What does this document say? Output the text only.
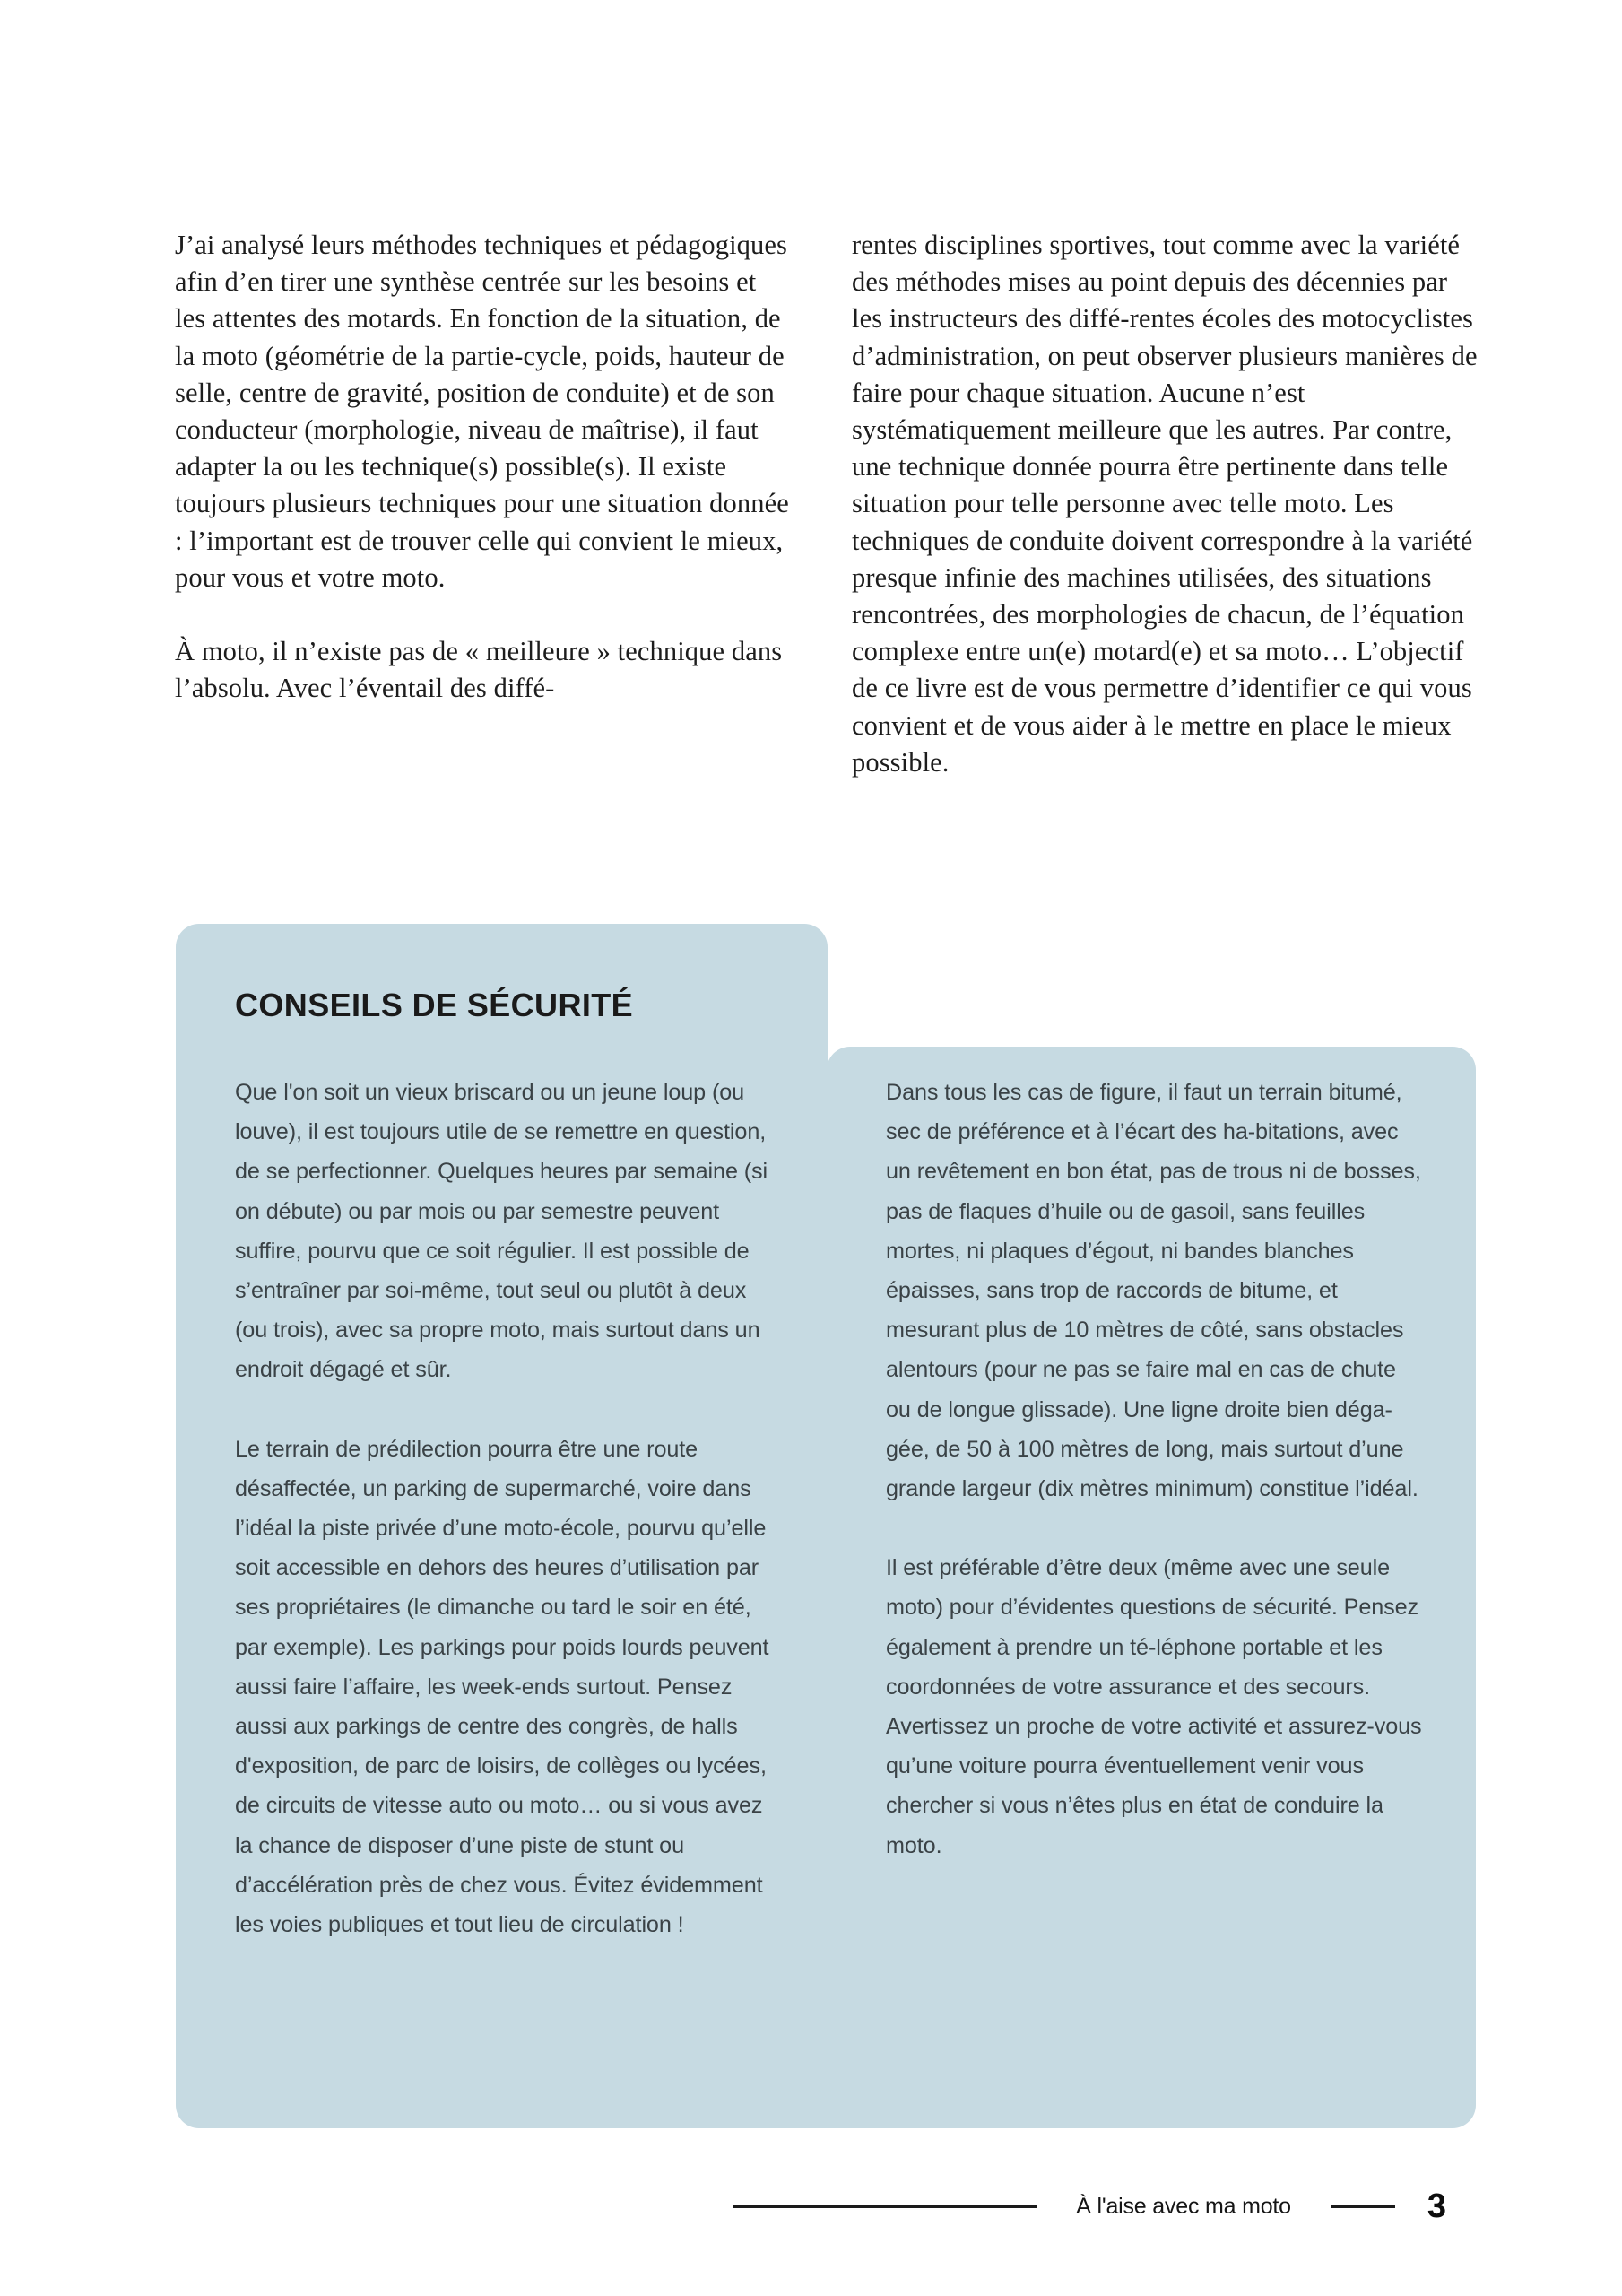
J’ai analysé leurs méthodes techniques et pédagogiques afin d’en tirer une synthèse centrée sur les besoins et les attentes des motards. En fonction de la situation, de la moto (géométrie de la partie-cycle, poids, hauteur de selle, centre de gravité, position de conduite) et de son conducteur (morphologie, niveau de maîtrise), il faut adapter la ou les technique(s) possible(s). Il existe toujours plusieurs techniques pour une situation donnée : l’important est de trouver celle qui convient le mieux, pour vous et votre moto.

À moto, il n’existe pas de « meilleure » technique dans l’absolu. Avec l’éventail des diffé-

rentes disciplines sportives, tout comme avec la variété des méthodes mises au point depuis des décennies par les instructeurs des diffé-rentes écoles des motocyclistes d’administration, on peut observer plusieurs manières de faire pour chaque situation. Aucune n’est systématiquement meilleure que les autres. Par contre, une technique donnée pourra être pertinente dans telle situation pour telle personne avec telle moto. Les techniques de conduite doivent correspondre à la variété presque infinie des machines utilisées, des situations rencontrées, des morphologies de chacun, de l’équation complexe entre un(e) motard(e) et sa moto… L’objectif de ce livre est de vous permettre d’identifier ce qui vous convient et de vous aider à le mettre en place le mieux possible.

CONSEILS DE SÉCURITÉ

Que l'on soit un vieux briscard ou un jeune loup (ou louve), il est toujours utile de se remettre en question, de se perfectionner. Quelques heures par semaine (si on débute) ou par mois ou par semestre peuvent suffire, pourvu que ce soit régulier. Il est possible de s’entraîner par soi-même, tout seul ou plutôt à deux (ou trois), avec sa propre moto, mais surtout dans un endroit dégagé et sûr.

Le terrain de prédilection pourra être une route désaffectée, un parking de supermarché, voire dans l’idéal la piste privée d’une moto-école, pourvu qu’elle soit accessible en dehors des heures d’utilisation par ses propriétaires (le dimanche ou tard le soir en été, par exemple). Les parkings pour poids lourds peuvent aussi faire l’affaire, les week-ends surtout. Pensez aussi aux parkings de centre des congrès, de halls d'exposition, de parc de loisirs, de collèges ou lycées, de circuits de vitesse auto ou moto… ou si vous avez la chance de disposer d’une piste de stunt ou d’accélération près de chez vous. Évitez évidemment les voies publiques et tout lieu de circulation !

Dans tous les cas de figure, il faut un terrain bitumé, sec de préférence et à l’écart des ha-bitations, avec un revêtement en bon état, pas de trous ni de bosses, pas de flaques d’huile ou de gasoil, sans feuilles mortes, ni plaques d’égout, ni bandes blanches épaisses, sans trop de raccords de bitume, et mesurant plus de 10 mètres de côté, sans obstacles alentours (pour ne pas se faire mal en cas de chute ou de longue glissade). Une ligne droite bien déga-gée, de 50 à 100 mètres de long, mais surtout d’une grande largeur (dix mètres minimum) constitue l’idéal.

Il est préférable d’être deux (même avec une seule moto) pour d’évidentes questions de sécurité. Pensez également à prendre un té-léphone portable et les coordonnées de votre assurance et des secours. Avertissez un proche de votre activité et assurez-vous qu’une voiture pourra éventuellement venir vous chercher si vous n’êtes plus en état de conduire la moto.

À l'aise avec ma moto	3
